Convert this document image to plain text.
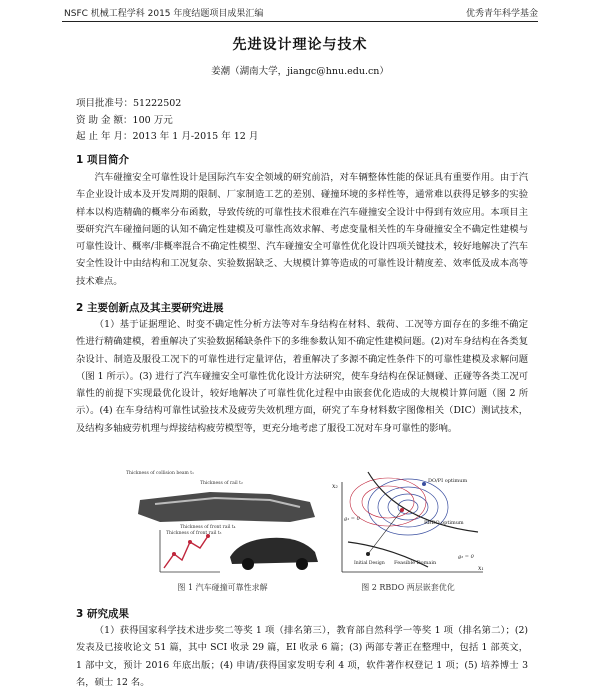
NSFC 机械工程学科 2015 年度结题项目成果汇编	优秀青年科学基金
先进设计理论与技术
姜潮（湖南大学，jiangc@hnu.edu.cn）
项目批准号：51222502
资 助 金 额：100 万元
起 止 年 月：2013 年 1 月-2015 年 12 月
1 项目简介

汽车碰撞安全可靠性设计是国际汽车安全领域的研究前沿，对车辆整体性能的保证具有重要作用。由于汽车企业设计成本及开发周期的限制、厂家制造工艺的差别、碰撞环境的多样性等，通常难以获得足够多的实验样本以构造精确的概率分布函数，导致传统的可靠性技术很难在汽车碰撞安全设计中得到有效应用。本项目主要研究汽车碰撞问题的认知不确定性建模及可靠性高效求解、考虑变量相关性的车身碰撞安全不确定性建模与可靠性设计、概率/非概率混合不确定性模型、汽车碰撞安全可靠性优化设计四项关键技术，较好地解决了汽车安全性设计中由结构和工况复杂、实验数据缺乏、大规模计算等造成的可靠性设计精度差、效率低及成本高等技术难点。

2 主要创新点及其主要研究进展

（1）基于证据理论、时变不确定性分析方法等对车身结构在材料、载荷、工况等方面存在的多维不确定性进行精确建模，着重解决了实验数据稀缺条件下的多维参数认知不确定性建模问题。(2)对车身结构在各类复杂设计、制造及服役工况下的可靠性进行定量评估，着重解决了多源不确定性条件下的可靠性建模及求解问题（图 1 所示）。(3) 进行了汽车碰撞安全可靠性优化设计方法研究，使车身结构在保证侧碰、正碰等各类工况可靠性的前提下实现最优化设计，较好地解决了可靠性优化过程中由嵌套优化造成的大规模计算问题（图 2 所示）。(4) 在车身结构可靠性试验技术及疲劳失效机理方面，研究了车身材料数字图像相关（DIC）测试技术，及结构多轴疲劳机理与焊接结构疲劳模型等，更充分地考虑了服役工况对车身可靠性的影响。

Thickness of collision beam t₁
Thickness of rail t₂
Thickness of front rail t₃
Thickness of front rail t₄
图 1 汽车碰撞可靠性求解
DO/PI optimum
RBDO optimum
Initial Design Feasible Domain
x₁
x₂
g₁ = 0
g₂ = 0
图 2 RBDO 两层嵌套优化
3 研究成果

（1）获得国家科学技术进步奖二等奖 1 项（排名第三），教育部自然科学一等奖 1 项（排名第二）；(2) 发表及已接收论文 51 篇，其中 SCI 收录 29 篇，EI 收录 6 篇；(3) 两部专著正在整理中，包括 1 部英文，1 部中文，预计 2016 年底出版；(4) 申请/获得国家发明专利 4 项，软件著作权登记 1 项；(5) 培养博士 3 名，硕士 12 名。
